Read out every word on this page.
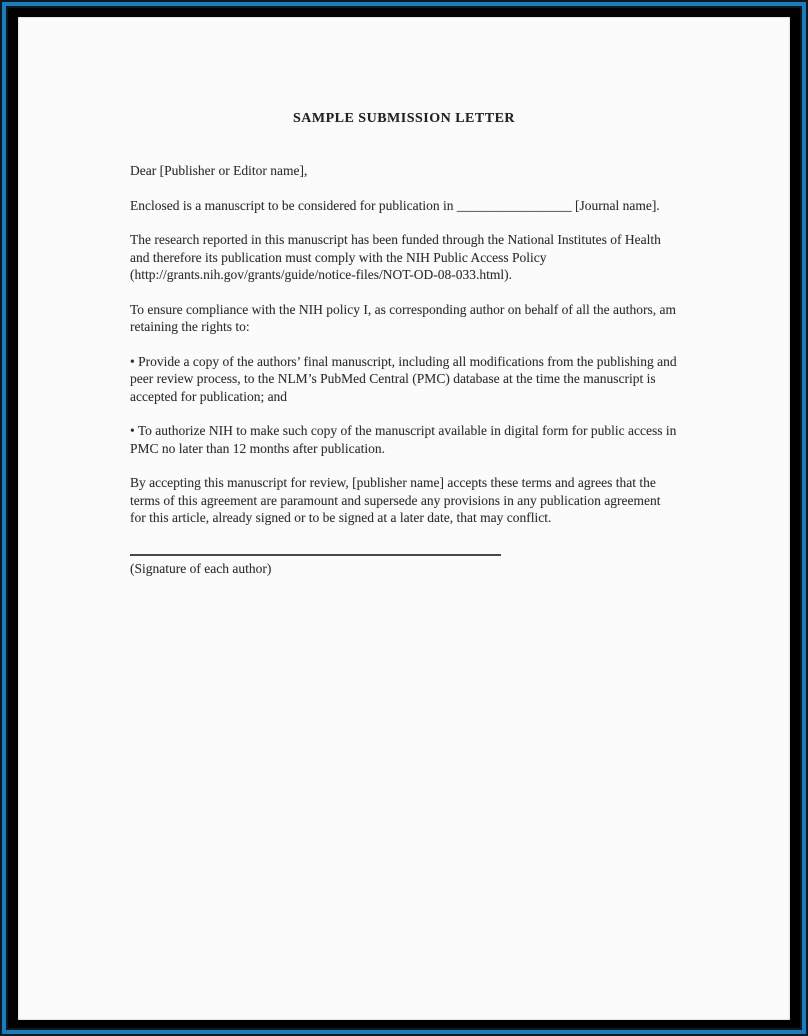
SAMPLE SUBMISSION LETTER

Dear [Publisher or Editor name],

Enclosed is a manuscript to be considered for publication in _________________ [Journal name].

The research reported in this manuscript has been funded through the National Institutes of Health and therefore its publication must comply with the NIH Public Access Policy (http://grants.nih.gov/grants/guide/notice-files/NOT-OD-08-033.html).

To ensure compliance with the NIH policy I, as corresponding author on behalf of all the authors, am retaining the rights to:

• Provide a copy of the authors’ final manuscript, including all modifications from the publishing and peer review process, to the NLM’s PubMed Central (PMC) database at the time the manuscript is accepted for publication; and

• To authorize NIH to make such copy of the manuscript available in digital form for public access in PMC no later than 12 months after publication.

By accepting this manuscript for review, [publisher name] accepts these terms and agrees that the terms of this agreement are paramount and supersede any provisions in any publication agreement for this article, already signed or to be signed at a later date, that may conflict.

(Signature of each author)
